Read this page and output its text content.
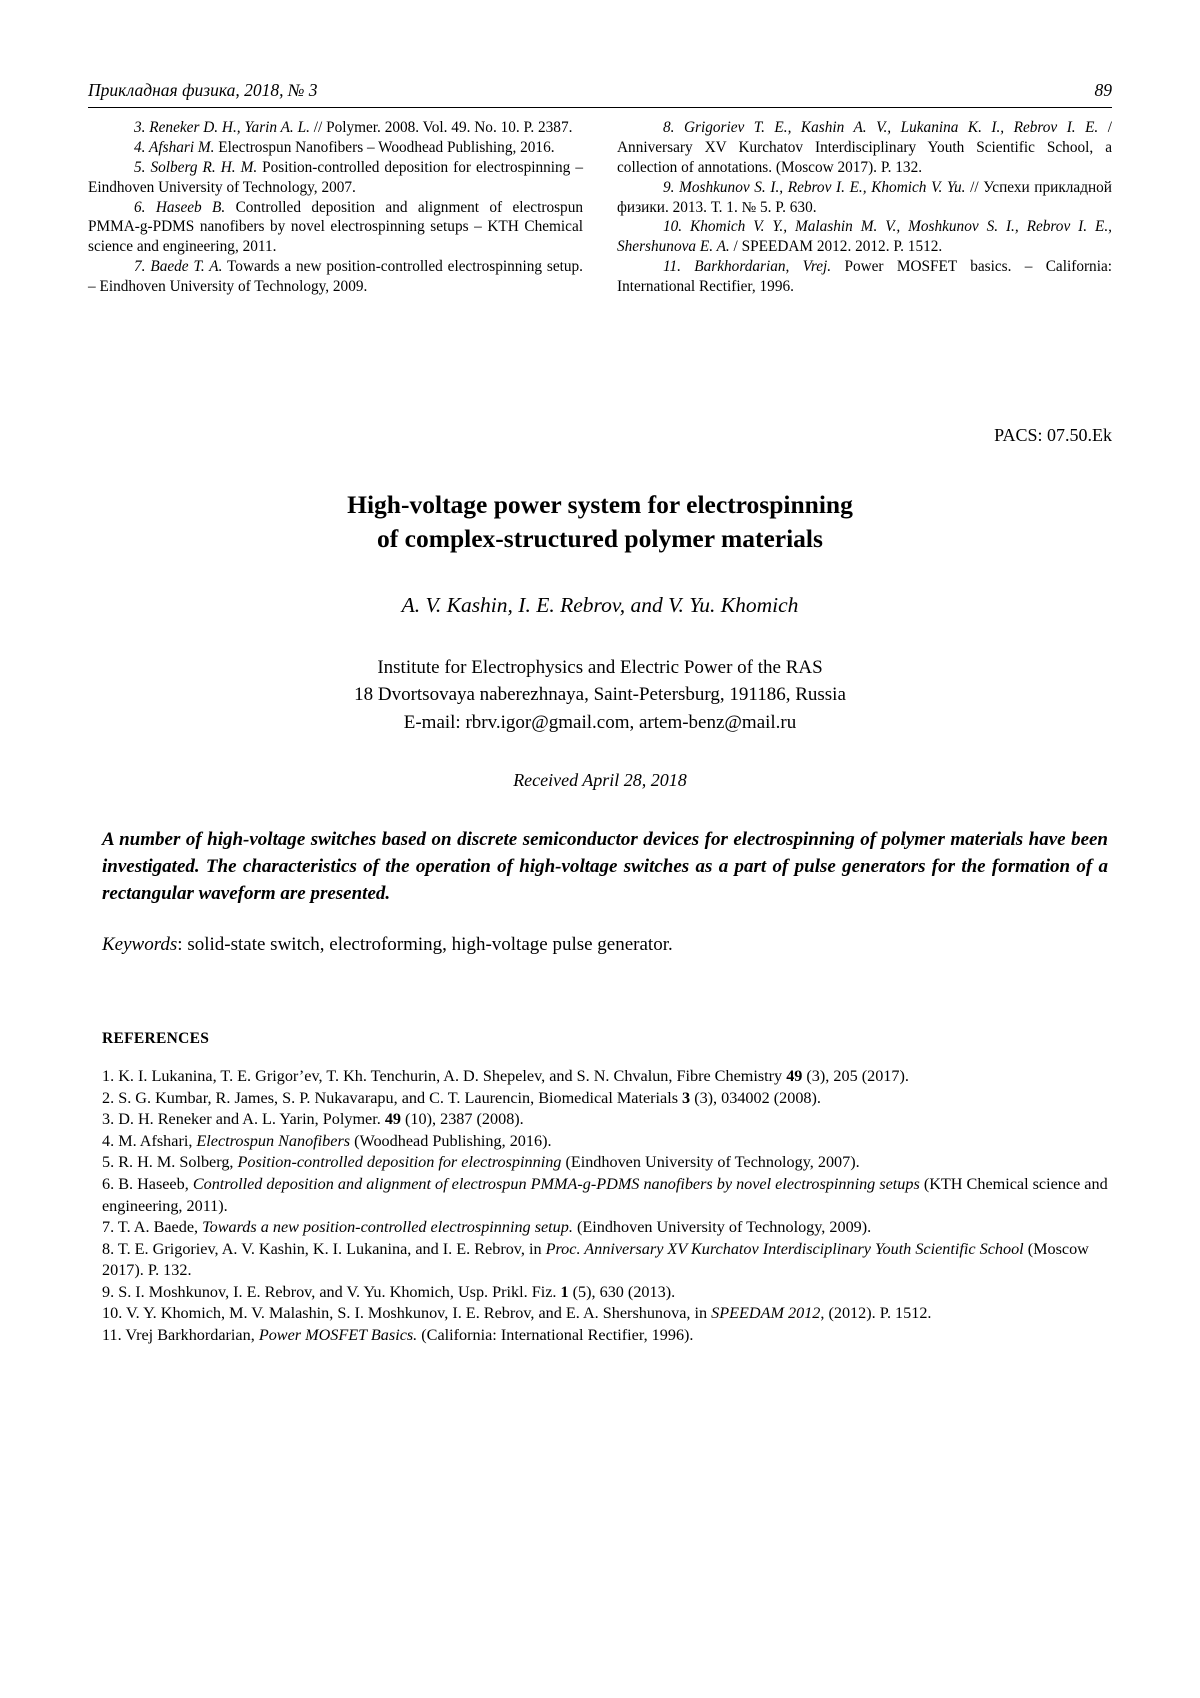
Прикладная физика, 2018, № 3	89

3. Reneker D. H., Yarin A. L. // Polymer. 2008. Vol. 49. No. 10. P. 2387.

4. Afshari M. Electrospun Nanofibers – Woodhead Publishing, 2016.

5. Solberg R. H. M. Position-controlled deposition for electrospinning – Eindhoven University of Technology, 2007.

6. Haseeb B. Controlled deposition and alignment of electrospun PMMA-g-PDMS nanofibers by novel electrospinning setups – KTH Chemical science and engineering, 2011.

7. Baede T. A. Towards a new position-controlled electrospinning setup. – Eindhoven University of Technology, 2009.

8. Grigoriev T. E., Kashin A. V., Lukanina K. I., Rebrov I. E. / Anniversary XV Kurchatov Interdisciplinary Youth Scientific School, a collection of annotations. (Moscow 2017). P. 132.

9. Moshkunov S. I., Rebrov I. E., Khomich V. Yu. // Успехи прикладной физики. 2013. Т. 1. № 5. P. 630.

10. Khomich V. Y., Malashin M. V., Moshkunov S. I., Rebrov I. E., Shershunova E. A. / SPEEDAM 2012. 2012. P. 1512.

11. Barkhordarian, Vrej. Power MOSFET basics. – California: International Rectifier, 1996.

PACS: 07.50.Ek
High-voltage power system for electrospinning
of complex-structured polymer materials
A. V. Kashin, I. E. Rebrov, and V. Yu. Khomich
Institute for Electrophysics and Electric Power of the RAS
18 Dvortsovaya naberezhnaya, Saint-Petersburg, 191186, Russia
E-mail: rbrv.igor@gmail.com, artem-benz@mail.ru
Received April 28, 2018
A number of high-voltage switches based on discrete semiconductor devices for electrospinning of polymer materials have been investigated. The characteristics of the operation of high-voltage switches as a part of pulse generators for the formation of a rectangular waveform are presented.
Keywords: solid-state switch, electroforming, high-voltage pulse generator.
REFERENCES

1. K. I. Lukanina, T. E. Grigor’ev, T. Kh. Tenchurin, A. D. Shepelev, and S. N. Chvalun, Fibre Chemistry 49 (3), 205 (2017).

2. S. G. Kumbar, R. James, S. P. Nukavarapu, and C. T. Laurencin, Biomedical Materials 3 (3), 034002 (2008).

3. D. H. Reneker and A. L. Yarin, Polymer. 49 (10), 2387 (2008).

4. M. Afshari, Electrospun Nanofibers (Woodhead Publishing, 2016).

5. R. H. M. Solberg, Position-controlled deposition for electrospinning (Eindhoven University of Technology, 2007).

6. B. Haseeb, Controlled deposition and alignment of electrospun PMMA-g-PDMS nanofibers by novel electrospinning setups (KTH Chemical science and engineering, 2011).

7. T. A. Baede, Towards a new position-controlled electrospinning setup. (Eindhoven University of Technology, 2009).

8. T. E. Grigoriev, A. V. Kashin, K. I. Lukanina, and I. E. Rebrov, in Proc. Anniversary XV Kurchatov Interdisciplinary Youth Scientific School (Moscow 2017). P. 132.

9. S. I. Moshkunov, I. E. Rebrov, and V. Yu. Khomich, Usp. Prikl. Fiz. 1 (5), 630 (2013).

10. V. Y. Khomich, M. V. Malashin, S. I. Moshkunov, I. E. Rebrov, and E. A. Shershunova, in SPEEDAM 2012, (2012). P. 1512.

11. Vrej Barkhordarian, Power MOSFET Basics. (California: International Rectifier, 1996).
